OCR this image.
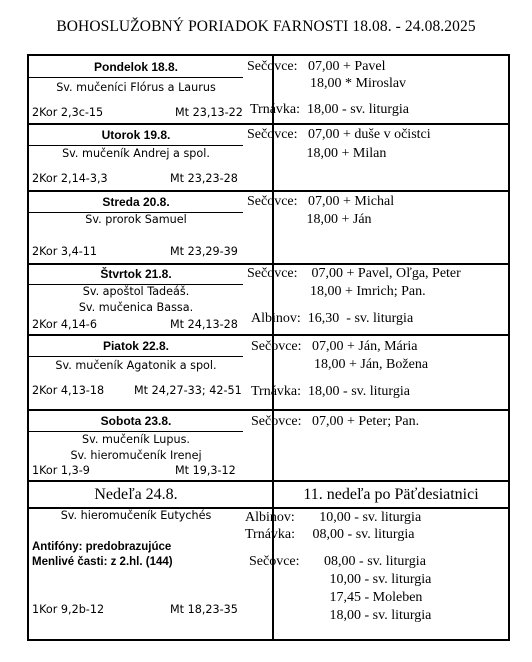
BOHOSLUŽOBNÝ PORIADOK FARNOSTI 18.08. - 24.08.2025
Pondelok 18.8.
Sv. mučeníci Flórus a Laurus
2Kor 2,3c-15	Mt 23,13-22
Sečovce:   07,00 + Pavel
18,00 * Miroslav
Trnávka:  18,00 - sv. liturgia
Utorok 19.8.
Sv. mučeník Andrej a spol.
2Kor 2,14-3,3	Mt 23,23-28
Sečovce:   07,00 + duše v očistci
18,00 + Milan
Streda 20.8.
Sv. prorok Samuel
2Kor 3,4-11	Mt 23,29-39
Sečovce:   07,00 + Michal
18,00 + Ján
Štvrtok 21.8.
Sv. apoštol Tadeáš.
Sv. mučenica Bassa.
2Kor 4,14-6	Mt 24,13-28
Sečovce:    07,00 + Pavel, Oľga, Peter
18,00 + Imrich; Pan.
Albinov:  16,30  - sv. liturgia
Piatok 22.8.
Sv. mučeník Agatonik a spol.
2Kor 4,13-18	Mt 24,27-33; 42-51
Sečovce:   07,00 + Ján, Mária
18,00 + Ján, Božena
Trnávka:  18,00 - sv. liturgia
Sobota 23.8.
Sv. mučeník Lupus.
Sv. hieromučeník Irenej
1Kor 1,3-9	Mt 19,3-12
Sečovce:   07,00 + Peter; Pan.
Nedeľa 24.8.	11. nedeľa po Päťdesiatnici
Sv. hieromučeník Eutychés
Antifóny: predobrazujúce
Menlivé časti: z 2.hl. (144)
1Kor 9,2b-12	Mt 18,23-35
Albinov:       10,00 - sv. liturgia
Trnávka:     08,00 - sv. liturgia
Sečovce:       08,00 - sv. liturgia
10,00 - sv. liturgia
17,45 - Moleben
18,00 - sv. liturgia
